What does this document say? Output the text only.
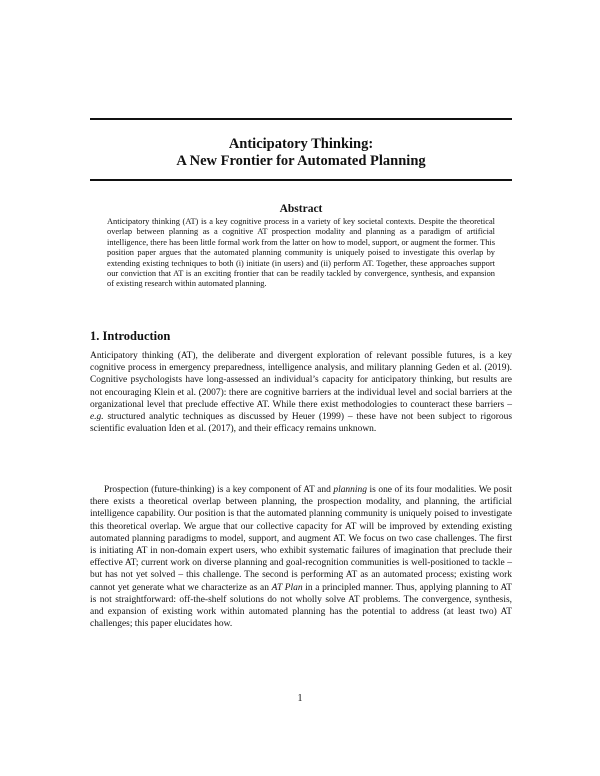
Anticipatory Thinking:
A New Frontier for Automated Planning
Abstract
Anticipatory thinking (AT) is a key cognitive process in a variety of key societal contexts. Despite the theoretical overlap between planning as a cognitive AT prospection modality and planning as a paradigm of artificial intelligence, there has been little formal work from the latter on how to model, support, or augment the former. This position paper argues that the automated planning community is uniquely poised to investigate this overlap by extending existing techniques to both (i) initiate (in users) and (ii) perform AT. Together, these approaches support our conviction that AT is an exciting frontier that can be readily tackled by convergence, synthesis, and expansion of existing research within automated planning.
1. Introduction

Anticipatory thinking (AT), the deliberate and divergent exploration of relevant possible futures, is a key cognitive process in emergency preparedness, intelligence analysis, and military planning Geden et al. (2019). Cognitive psychologists have long-assessed an individual’s capacity for anticipatory thinking, but results are not encouraging Klein et al. (2007): there are cognitive barriers at the individual level and social barriers at the organizational level that preclude effective AT. While there exist methodologies to counteract these barriers – e.g. structured analytic techniques as discussed by Heuer (1999) – these have not been subject to rigorous scientific evaluation Iden et al. (2017), and their efficacy remains unknown.

Prospection (future-thinking) is a key component of AT and planning is one of its four modalities. We posit there exists a theoretical overlap between planning, the prospection modality, and planning, the artificial intelligence capability. Our position is that the automated planning community is uniquely poised to investigate this theoretical overlap. We argue that our collective capacity for AT will be improved by extending existing automated planning paradigms to model, support, and augment AT. We focus on two case challenges. The first is initiating AT in non-domain expert users, who exhibit systematic failures of imagination that preclude their effective AT; current work on diverse planning and goal-recognition communities is well-positioned to tackle – but has not yet solved – this challenge. The second is performing AT as an automated process; existing work cannot yet generate what we characterize as an AT Plan in a principled manner. Thus, applying planning to AT is not straightforward: off-the-shelf solutions do not wholly solve AT problems. The convergence, synthesis, and expansion of existing work within automated planning has the potential to address (at least two) AT challenges; this paper elucidates how.

1
